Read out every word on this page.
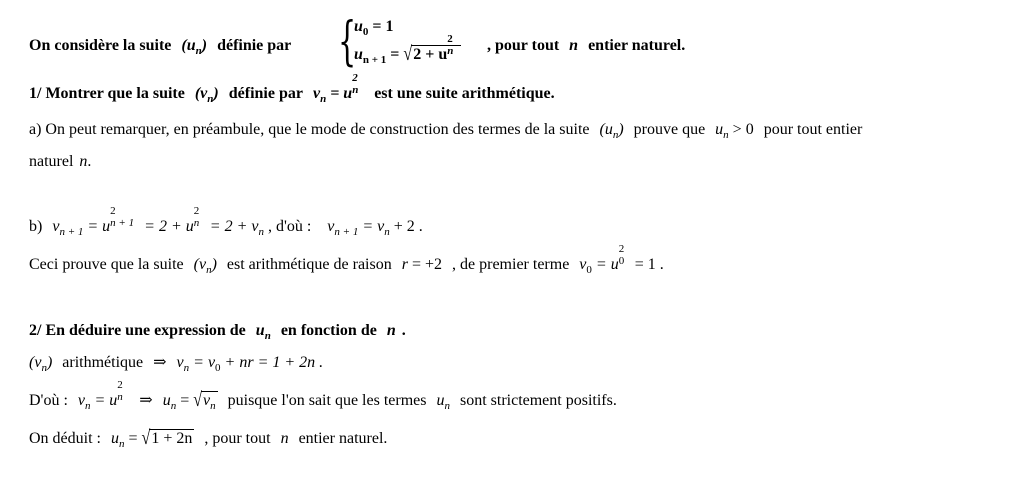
On considère la suite $(u_n)$ définie par {
$u_0 = 1$
$u_{n + 1} = √2 + u$
2
n , pour tout n entier naturel.
1/ Montrer que la suite $(v_n)$ définie par $v_n = u$
2
n est une suite arithmétique.
a) On peut remarquer, en préambule, que le mode de construction des termes de la suite $(u_n)$ prouve que $u_n > 0$ pour tout entier
naturel n.
b) $v_{n + 1} = u$
2
n + 1 = 2 + u
2
$n = 2 + v_n$ , d'où : $v_{n + 1} = v_n + 2$ .
Ceci prouve que la suite $(v_n)$ est arithmétique de raison r = +2 , de premier terme $v_0 = u$
2
0 = 1 .
2/ En déduire une expression de $u_n$ en fonction de n .
$(v_n)$ arithmétique ⇒ $v_n = v_0$ + nr = 1 + 2n .
D'où : $v_n = u$
2
n ⇒ $u_n = √v_n$ puisque l'on sait que les termes $u_n$ sont strictement positifs.
On déduit : $u_n = √1 + 2n$ , pour tout n entier naturel.
